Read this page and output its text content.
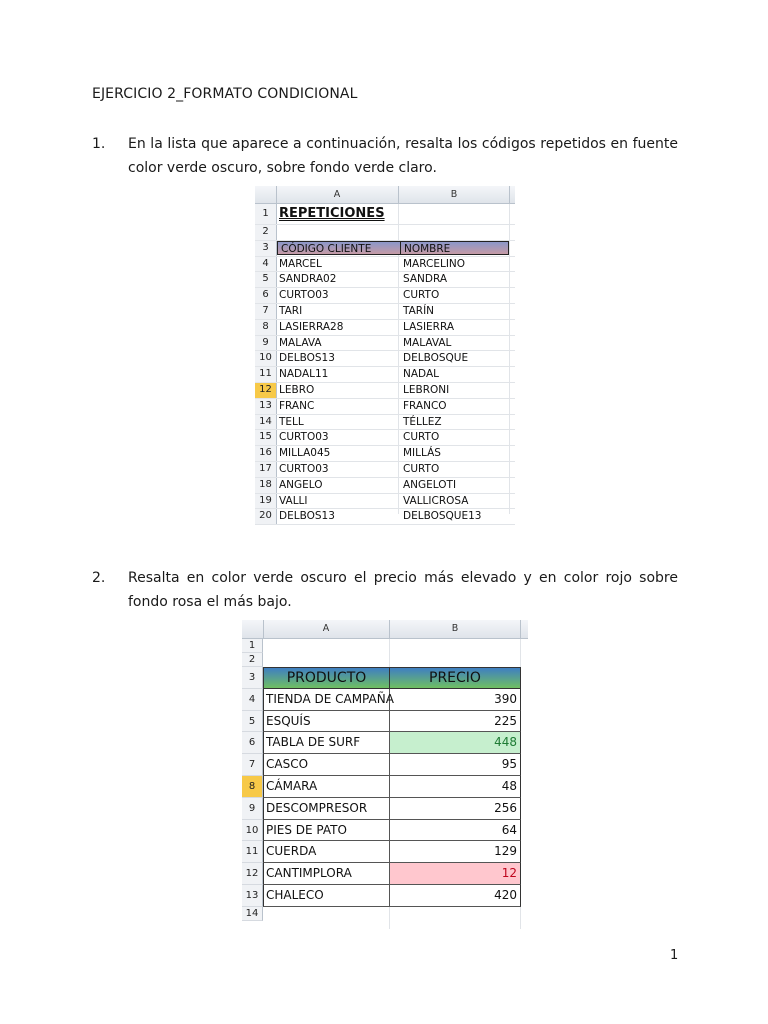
EJERCICIO 2_FORMATO CONDICIONAL
1. En la lista que aparece a continuación, resalta los códigos repetidos en fuente color verde oscuro, sobre fondo verde claro.
A	B
1 REPETICIONES
2
3	CÓDIGO CLIENTE	NOMBRE
4 MARCEL	MARCELINO
5 SANDRA02	SANDRA
6 CURTO03	CURTO
7 TARI	TARÍN
8 LASIERRA28	LASIERRA
9 MALAVA	MALAVAL
10 DELBOS13	DELBOSQUE
11 NADAL11	NADAL
12 LEBRO	LEBRONI
13 FRANC	FRANCO
14 TELL	TÉLLEZ
15 CURTO03	CURTO
16 MILLA045	MILLÁS
17 CURTO03	CURTO
18 ANGELO	ANGELOTI
19 VALLI	VALLICROSA
20 DELBOS13	DELBOSQUE13
2. Resalta en color verde oscuro el precio más elevado y en color rojo sobre fondo rosa el más bajo.
A	B
1
2
3	PRODUCTO	PRECIO
4 TIENDA DE CAMPAÑA	390
5 ESQUÍS	225
6 TABLA DE SURF	448
7 CASCO	95
8 CÁMARA	48
9 DESCOMPRESOR	256
10 PIES DE PATO	64
11 CUERDA	129
12 CANTIMPLORA	12
13 CHALECO	420
14
1
